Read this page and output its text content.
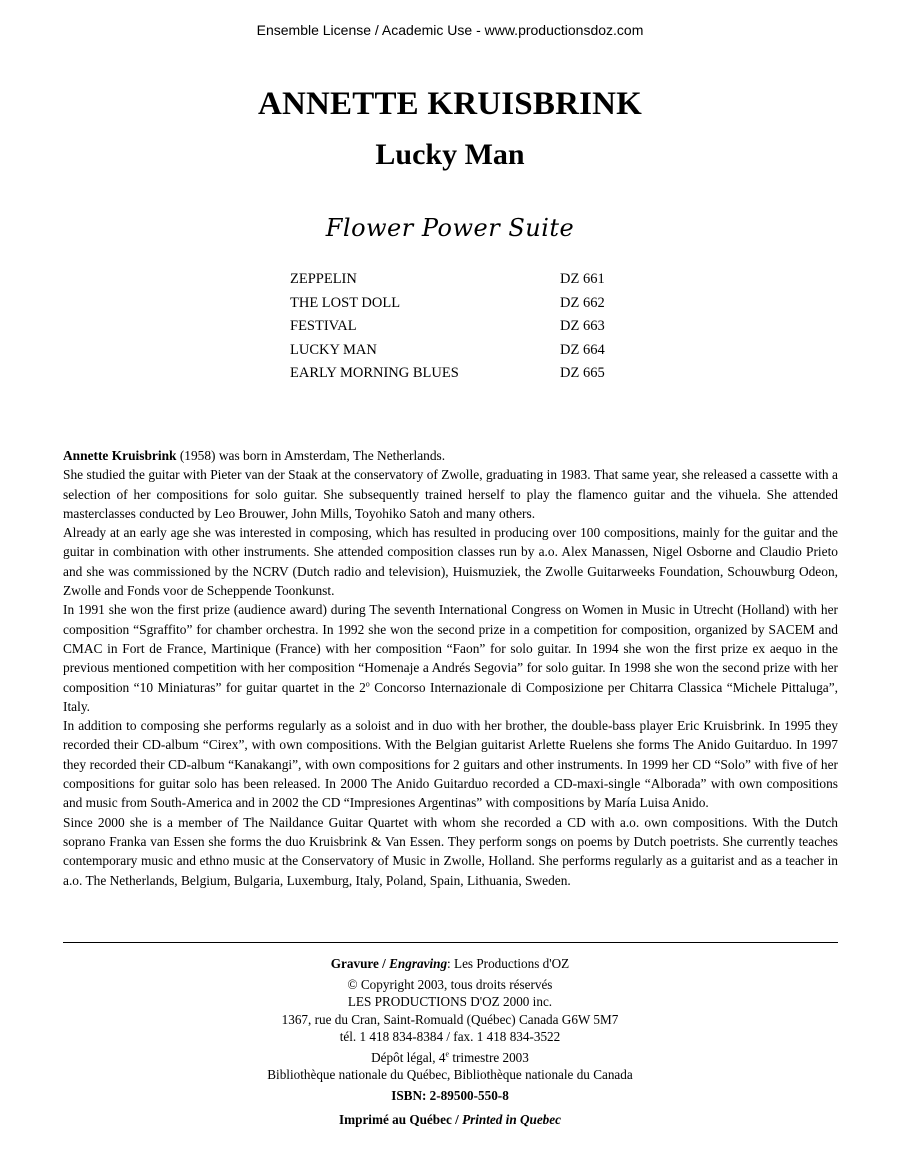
Ensemble License / Academic Use - www.productionsdoz.com
ANNETTE KRUISBRINK
Lucky Man
Flower Power Suite
ZEPPELIN	DZ 661
THE LOST DOLL	DZ 662
FESTIVAL	DZ 663
LUCKY MAN	DZ 664
EARLY MORNING BLUES	DZ 665

Annette Kruisbrink (1958) was born in Amsterdam, The Netherlands.

She studied the guitar with Pieter van der Staak at the conservatory of Zwolle, graduating in 1983. That same year, she released a cassette with a selection of her compositions for solo guitar. She subsequently trained herself to play the flamenco guitar and the vihuela. She attended masterclasses conducted by Leo Brouwer, John Mills, Toyohiko Satoh and many others.

Already at an early age she was interested in composing, which has resulted in producing over 100 compositions, mainly for the guitar and the guitar in combination with other instruments. She attended composition classes run by a.o. Alex Manassen, Nigel Osborne and Claudio Prieto and she was commissioned by the NCRV (Dutch radio and television), Huismuziek, the Zwolle Guitarweeks Foundation, Schouwburg Odeon, Zwolle and Fonds voor de Scheppende Toonkunst.

In 1991 she won the first prize (audience award) during The seventh International Congress on Women in Music in Utrecht (Holland) with her composition “Sgraffito” for chamber orchestra. In 1992 she won the second prize in a competition for composition, organized by SACEM and CMAC in Fort de France, Martinique (France) with her composition “Faon” for solo guitar. In 1994 she won the first prize ex aequo in the previous mentioned competition with her composition “Homenaje a Andrés Segovia” for solo guitar. In 1998 she won the second prize with her composition “10 Miniaturas” for guitar quartet in the 2$^o$ Concorso Internazionale di Composizione per Chitarra Classica “Michele Pittaluga”, Italy.

In addition to composing she performs regularly as a soloist and in duo with her brother, the double-bass player Eric Kruisbrink. In 1995 they recorded their CD-album “Cirex”, with own compositions. With the Belgian guitarist Arlette Ruelens she forms The Anido Guitarduo. In 1997 they recorded their CD-album “Kanakangi”, with own compositions for 2 guitars and other instruments. In 1999 her CD “Solo” with five of her compositions for guitar solo has been released. In 2000 The Anido Guitarduo recorded a CD-maxi-single “Alborada” with own compositions and music from South-America and in 2002 the CD “Impresiones Argentinas” with compositions by María Luisa Anido.

Since 2000 she is a member of The Naildance Guitar Quartet with whom she recorded a CD with a.o. own compositions. With the Dutch soprano Franka van Essen she forms the duo Kruisbrink & Van Essen. They perform songs on poems by Dutch poetrists. She currently teaches contemporary music and ethno music at the Conservatory of Music in Zwolle, Holland. She performs regularly as a guitarist and as a teacher in a.o. The Netherlands, Belgium, Bulgaria, Luxemburg, Italy, Poland, Spain, Lithuania, Sweden.

Gravure / Engraving: Les Productions d'OZ
© Copyright 2003, tous droits réservés
LES PRODUCTIONS D'OZ 2000 inc.
1367, rue du Cran, Saint-Romuald (Québec) Canada G6W 5M7
tél. 1 418 834-8384 / fax. 1 418 834-3522
Dépôt légal, 4e trimestre 2003
Bibliothèque nationale du Québec, Bibliothèque nationale du Canada
ISBN: 2-89500-550-8
Imprimé au Québec / Printed in Quebec
